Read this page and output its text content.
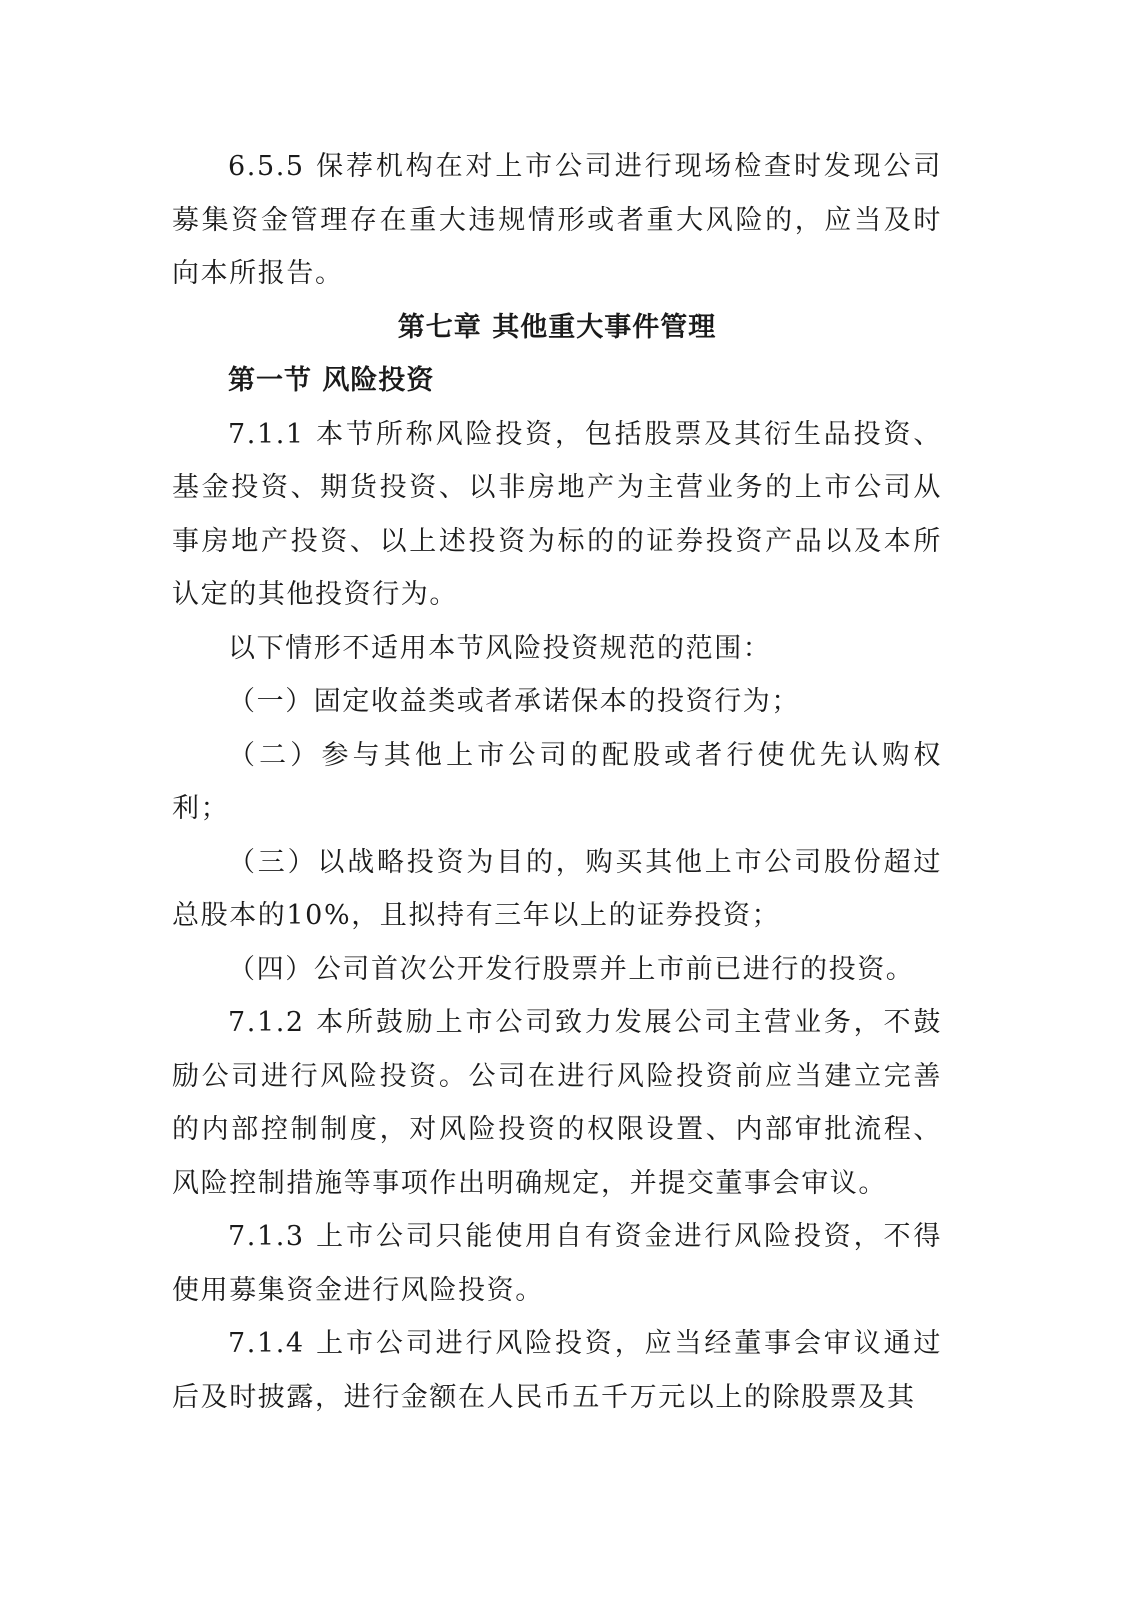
6.5.5 保荐机构在对上市公司进行现场检查时发现公司募集资金管理存在重大违规情形或者重大风险的，应当及时向本所报告。

第七章 其他重大事件管理
第一节 风险投资

7.1.1 本节所称风险投资，包括股票及其衍生品投资、基金投资、期货投资、以非房地产为主营业务的上市公司从事房地产投资、以上述投资为标的的证券投资产品以及本所认定的其他投资行为。

以下情形不适用本节风险投资规范的范围：

（一）固定收益类或者承诺保本的投资行为；

（二）参与其他上市公司的配股或者行使优先认购权利；

（三）以战略投资为目的，购买其他上市公司股份超过总股本的10%，且拟持有三年以上的证券投资；

（四）公司首次公开发行股票并上市前已进行的投资。

7.1.2 本所鼓励上市公司致力发展公司主营业务，不鼓励公司进行风险投资。公司在进行风险投资前应当建立完善的内部控制制度，对风险投资的权限设置、内部审批流程、风险控制措施等事项作出明确规定，并提交董事会审议。

7.1.3 上市公司只能使用自有资金进行风险投资，不得使用募集资金进行风险投资。

7.1.4 上市公司进行风险投资，应当经董事会审议通过后及时披露，进行金额在人民币五千万元以上的除股票及其
